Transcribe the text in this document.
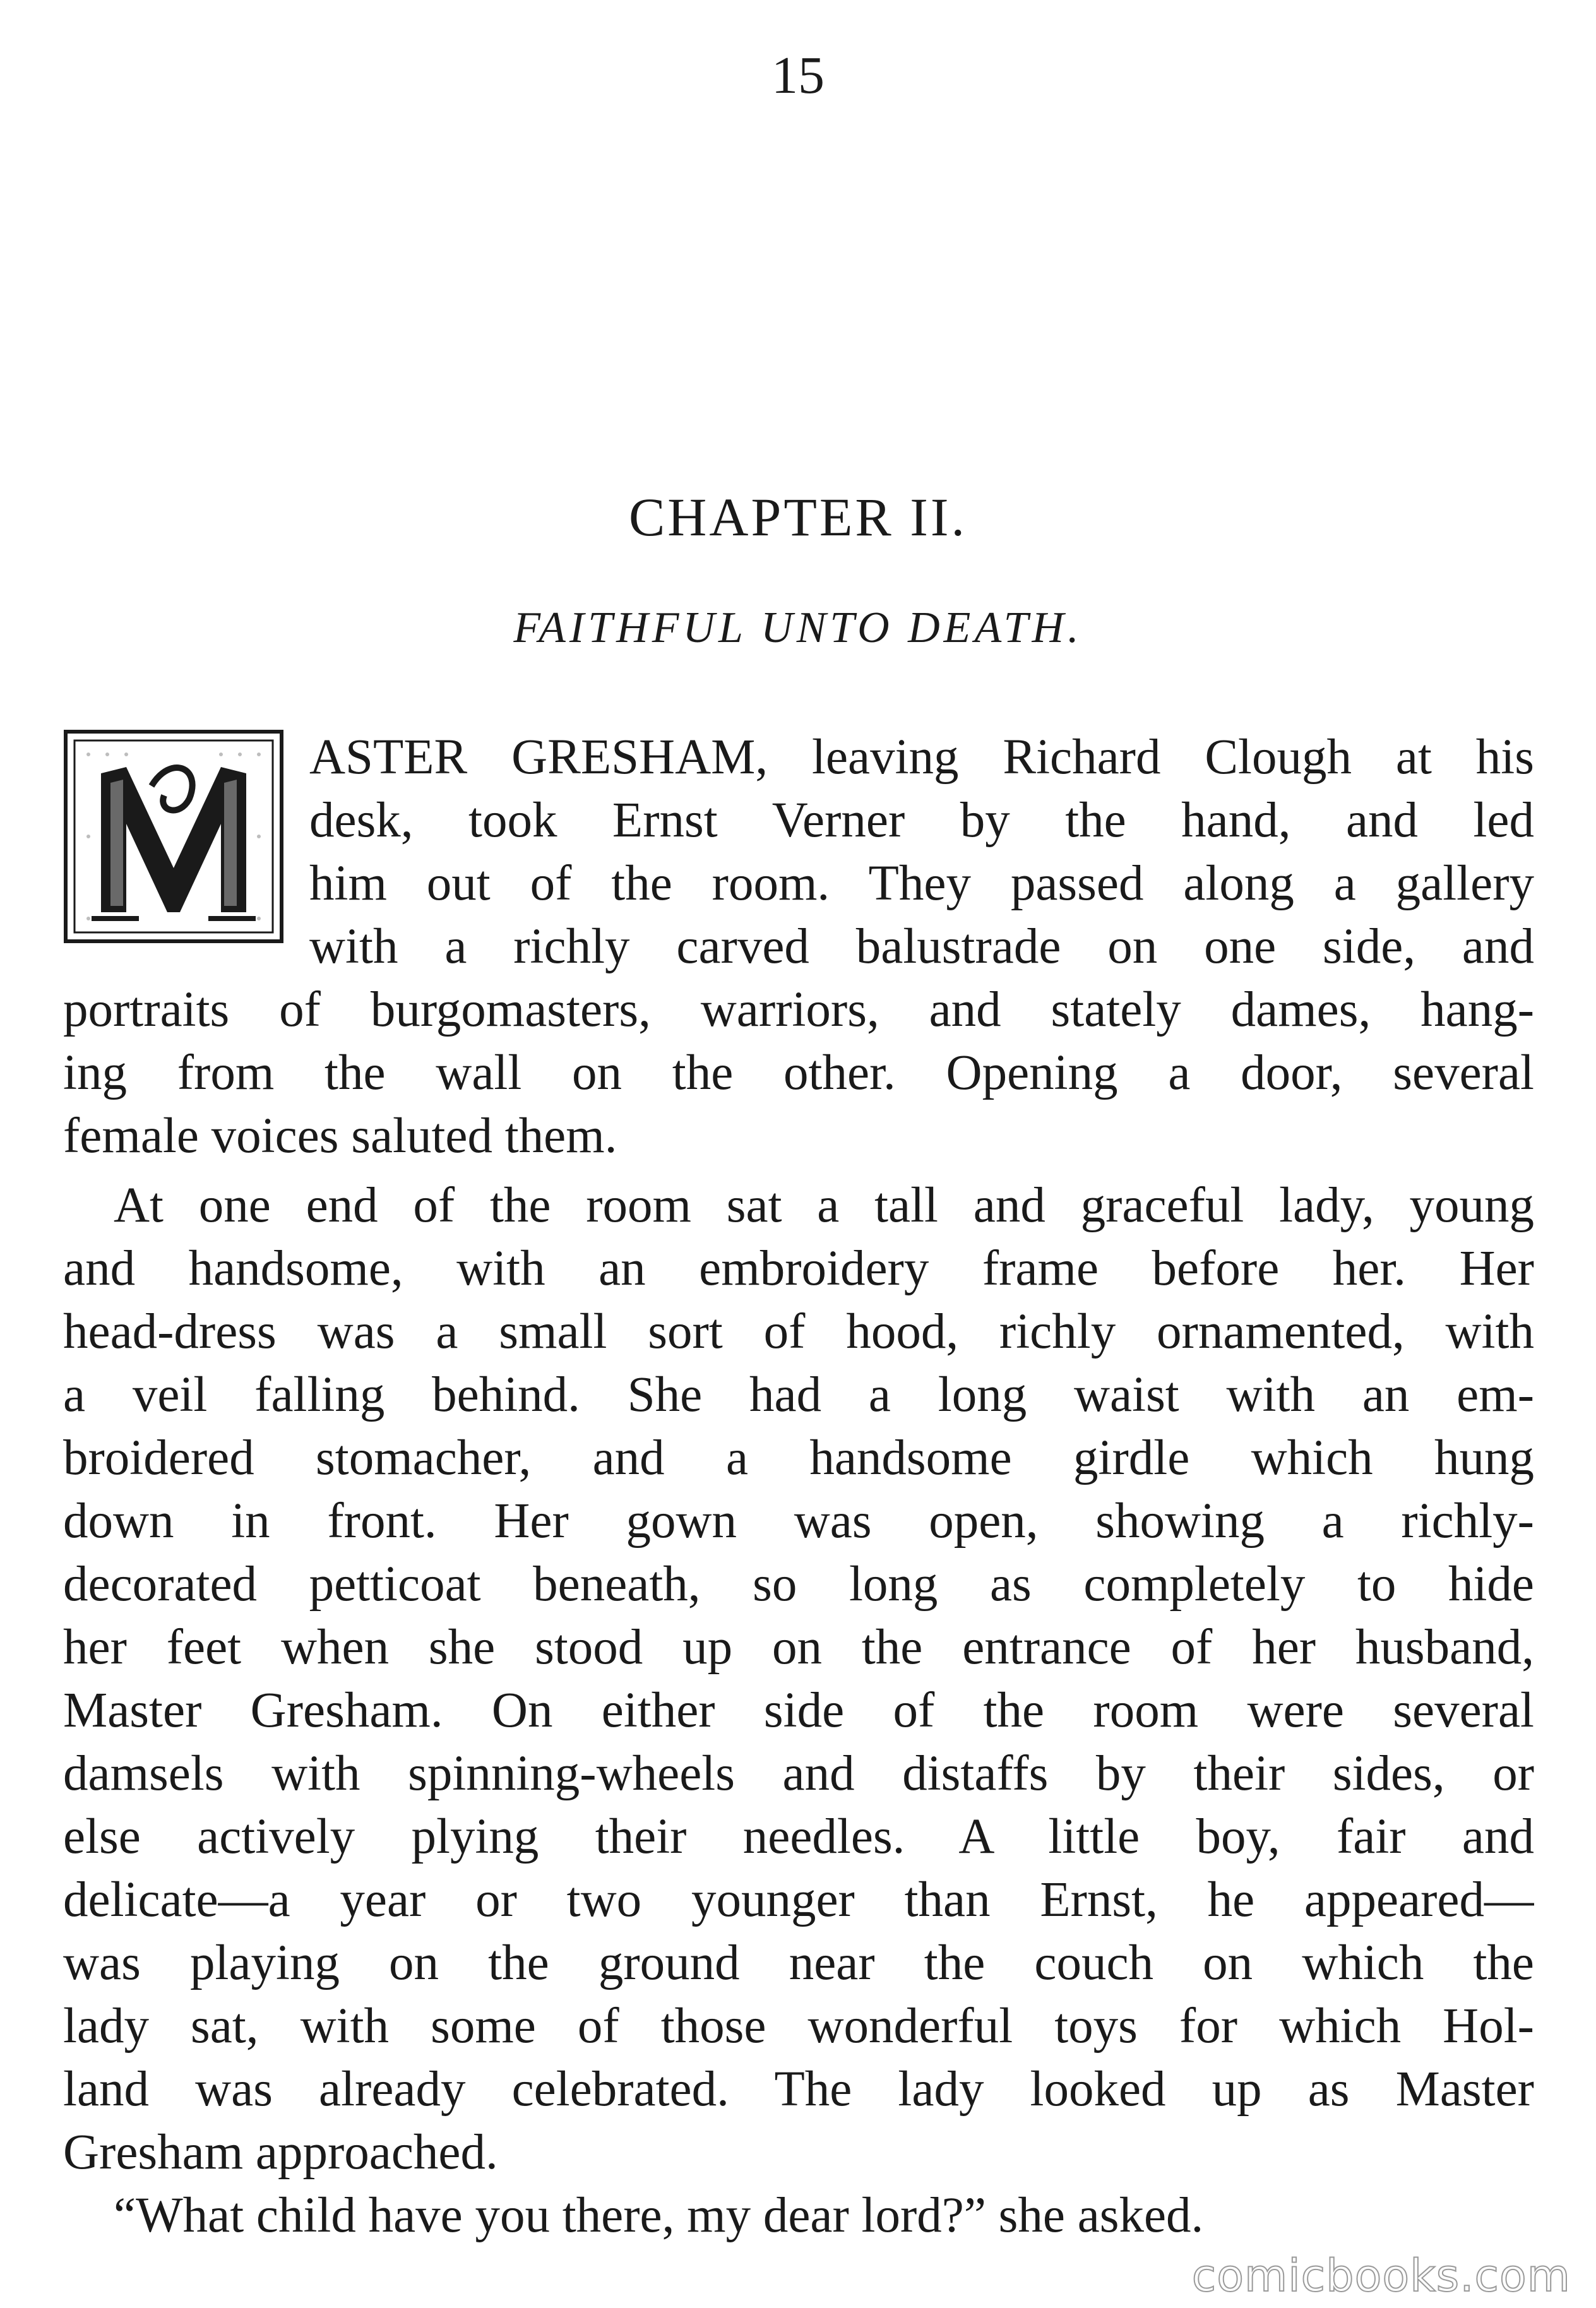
15
CHAPTER II.
FAITHFUL UNTO DEATH.
ASTER GRESHAM, leaving Richard Clough at his
desk, took Ernst Verner by the hand, and led
him out of the room. They passed along a gallery
with a richly carved balustrade on one side, and
portraits of burgomasters, warriors, and stately dames, hang-
ing from the wall on the other. Opening a door, several
female voices saluted them.
At one end of the room sat a tall and graceful lady, young
and handsome, with an embroidery frame before her. Her
head-dress was a small sort of hood, richly ornamented, with
a veil falling behind. She had a long waist with an em-
broidered stomacher, and a handsome girdle which hung
down in front. Her gown was open, showing a richly-
decorated petticoat beneath, so long as completely to hide
her feet when she stood up on the entrance of her husband,
Master Gresham. On either side of the room were several
damsels with spinning-wheels and distaffs by their sides, or
else actively plying their needles. A little boy, fair and
delicate—a year or two younger than Ernst, he appeared—
was playing on the ground near the couch on which the
lady sat, with some of those wonderful toys for which Hol-
land was already celebrated. The lady looked up as Master
Gresham approached.
“What child have you there, my dear lord?” she asked.
comicbooks.com
